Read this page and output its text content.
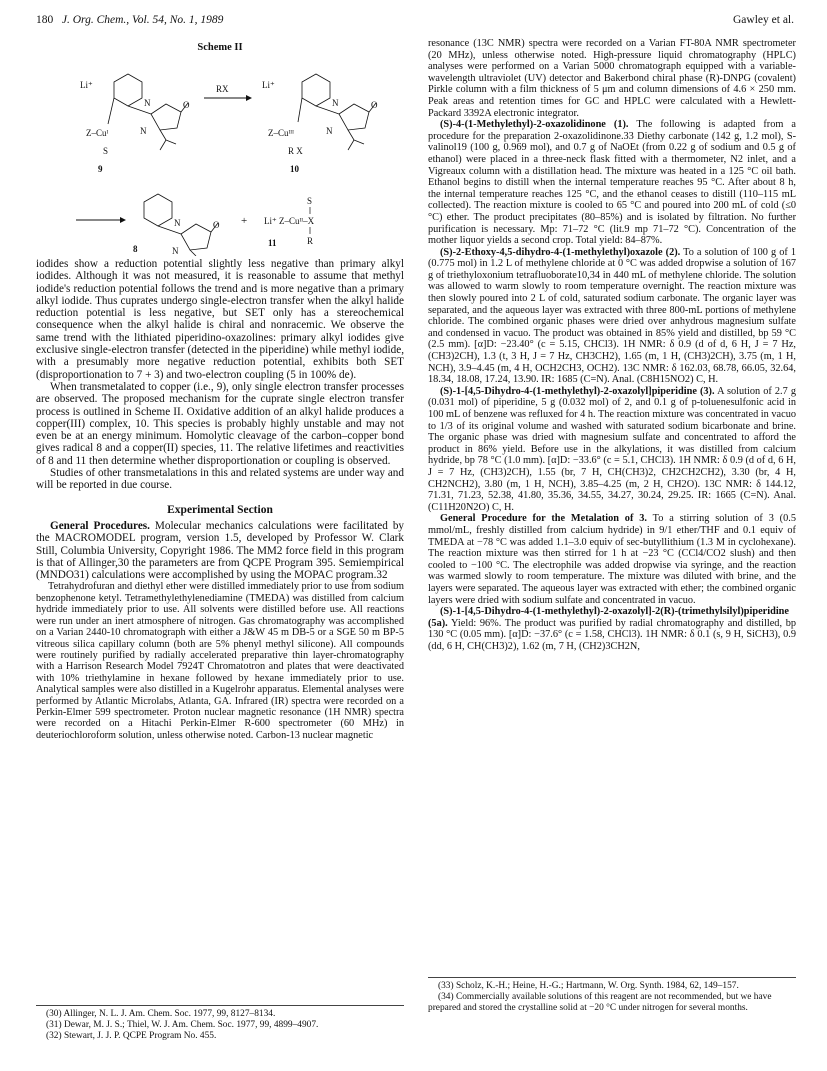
180 J. Org. Chem., Vol. 54, No. 1, 1989	Gawley et al.
Scheme II
Li⁺
N	O
N
Z–Cuᴵ
S
9
RX	Li⁺
N	O
N
Z–Cuᴵᴵᴵ
R X
10
N	O
N
8
+
S
Li⁺ Z–Cuᴵᴵ–X
R
11

iodides show a reduction potential slightly less negative than primary alkyl iodides. Although it was not measured, it is reasonable to assume that methyl iodide's reduction potential follows the trend and is more negative than a primary alkyl iodide. Thus cuprates undergo single-electron transfer when the alkyl halide reduction potential is less negative, but SET only has a stereochemical consequence when the alkyl halide is chiral and nonracemic. We observe the same trend with the lithiated piperidino-oxazolines: primary alkyl iodides give exclusive single-electron transfer (detected in the piperidine) while methyl iodide, with a presumably more negative reduction potential, exhibits both SET (disproportionation to 7 + 3) and two-electron coupling (5 in 100% de).

When transmetalated to copper (i.e., 9), only single electron transfer processes are observed. The proposed mechanism for the cuprate single electron transfer process is outlined in Scheme II. Oxidative addition of an alkyl halide produces a copper(III) complex, 10. This species is probably highly unstable and may not even be at an energy minimum. Homolytic cleavage of the carbon–copper bond gives radical 8 and a copper(II) species, 11. The relative lifetimes and reactivities of 8 and 11 then determine whether disproportionation or coupling is observed.

Studies of other transmetalations in this and related systems are under way and will be reported in due course.

Experimental Section

General Procedures. Molecular mechanics calculations were facilitated by the MACROMODEL program, version 1.5, developed by Professor W. Clark Still, Columbia University, Copyright 1986. The MM2 force field in this program is that of Allinger,30 the parameters are from QCPE Program 395. Semiempirical (MNDO31) calculations were accomplished by using the MOPAC program.32

Tetrahydrofuran and diethyl ether were distilled immediately prior to use from sodium benzophenone ketyl. Tetramethylethylenediamine (TMEDA) was distilled from calcium hydride immediately prior to use. All solvents were distilled before use. All reactions were run under an inert atmosphere of nitrogen. Gas chromatography was accomplished on a Varian 2440-10 chromatograph with either a J&W 45 m DB-5 or a SGE 50 m BP-5 vitreous silica capillary column (both are 5% phenyl methyl silicone). All compounds were routinely purified by radially accelerated preparative thin layer-chromatography with a Harrison Research Model 7924T Chromatotron and plates that were deactivated with 10% triethylamine in hexane followed by hexane immediately prior to use. Analytical samples were also distilled in a Kugelrohr apparatus. Elemental analyses were performed by Atlantic Microlabs, Atlanta, GA. Infrared (IR) spectra were recorded on a Perkin-Elmer 599 spectrometer. Proton nuclear magnetic resonance (1H NMR) spectra were recorded on a Hitachi Perkin-Elmer R-600 spectrometer (60 MHz) in deuteriochloroform solution, unless otherwise noted. Carbon-13 nuclear magnetic

resonance (13C NMR) spectra were recorded on a Varian FT-80A NMR spectrometer (20 MHz), unless otherwise noted. High-pressure liquid chromatography (HPLC) analyses were performed on a Varian 5000 chromatograph equipped with a variable-wavelength ultraviolet (UV) detector and Bakerbond chiral phase (R)-DNPG (covalent) Pirkle column with a film thickness of 5 μm and column dimensions of 4.6 × 250 mm. Peak areas and retention times for GC and HPLC were calculated with a Hewlett-Packard 3392A electronic integrator.

(S)-4-(1-Methylethyl)-2-oxazolidinone (1). The following is adapted from a procedure for the preparation 2-oxazolidinone.33 Diethy carbonate (142 g, 1.2 mol), S-valinol19 (100 g, 0.969 mol), and 0.7 g of NaOEt (from 0.22 g of sodium and 0.5 g of ethanol) were placed in a three-neck flask fitted with a thermometer, N2 inlet, and a Vigreaux column with a distillation head. The mixture was heated in a 125 °C oil bath. Ethanol begins to distill when the internal temperature reaches 95 °C. After about 8 h, the internal temperature reaches 125 °C, and the ethanol ceases to distill (110–115 mL collected). The reaction mixture is cooled to 65 °C and poured into 200 mL of cold (≤0 °C) ether. The product precipitates (80–85%) and is isolated by filtration. No further purification is necessary. Mp: 71–72 °C (lit.9 mp 71–72 °C). Concentration of the mother liquor yields a second crop. Total yield: 84–87%.

(S)-2-Ethoxy-4,5-dihydro-4-(1-methylethyl)oxazole (2). To a solution of 100 g of 1 (0.775 mol) in 1.2 L of methylene chloride at 0 °C was added dropwise a solution of 167 g of triethyloxonium tetrafluoborate10,34 in 440 mL of methylene chloride. The solution was allowed to warm slowly to room temperature overnight. The reaction mixture was then slowly poured into 2 L of cold, saturated sodium carbonate. The organic layer was separated, and the aqueous layer was extracted with three 800-mL portions of methylene chloride. The combined organic phases were dried over anhydrous magnesium sulfate and condensed in vacuo. The product was obtained in 85% yield and distilled, bp 59 °C (2.5 mm). [α]D: −23.40° (c = 5.15, CHCl3). 1H NMR: δ 0.9 (d of d, 6 H, J = 7 Hz, (CH3)2CH), 1.3 (t, 3 H, J = 7 Hz, CH3CH2), 1.65 (m, 1 H, (CH3)2CH), 3.75 (m, 1 H, NCH), 3.9–4.45 (m, 4 H, OCH2CH3, OCH2). 13C NMR: δ 162.03, 68.78, 66.05, 32.64, 18.34, 18.08, 17.24, 13.90. IR: 1685 (C=N). Anal. (C8H15NO2) C, H.

(S)-1-[4,5-Dihydro-4-(1-methylethyl)-2-oxazolyl]piperidine (3). A solution of 2.7 g (0.031 mol) of piperidine, 5 g (0.032 mol) of 2, and 0.1 g of p-toluenesulfonic acid in 100 mL of benzene was refluxed for 4 h. The reaction mixture was concentrated in vacuo to 1/3 of its original volume and washed with saturated sodium bicarbonate and brine. The organic phase was dried with magnesium sulfate and concentrated to afford the product in 86% yield. Before use in the alkylations, it was distilled from calcium hydride, bp 78 °C (1.0 mm). [α]D: −33.6° (c = 5.1, CHCl3). 1H NMR: δ 0.9 (d of d, 6 H, J = 7 Hz, (CH3)2CH), 1.55 (br, 7 H, CH(CH3)2, CH2CH2CH2), 3.30 (br, 4 H, CH2NCH2), 3.80 (m, 1 H, NCH), 3.85–4.25 (m, 2 H, CH2O). 13C NMR: δ 144.12, 71.31, 71.23, 52.38, 41.80, 35.36, 34.55, 34.27, 30.24, 29.25. IR: 1665 (C=N). Anal. (C11H20N2O) C, H.

General Procedure for the Metalation of 3. To a stirring solution of 3 (0.5 mmol/mL, freshly distilled from calcium hydride) in 9/1 ether/THF and 0.1 equiv of TMEDA at −78 °C was added 1.1–3.0 equiv of sec-butyllithium (1.3 M in cyclohexane). The reaction mixture was then stirred for 1 h at −23 °C (CCl4/CO2 slush) and then cooled to −100 °C. The electrophile was added dropwise via syringe, and the reaction was warmed slowly to room temperature. The mixture was diluted with brine, and the layers were separated. The aqueous layer was extracted with ether; the combined organic layers were dried with sodium sulfate and concentrated in vacuo.

(S)-1-[4,5-Dihydro-4-(1-methylethyl)-2-oxazolyl]-2(R)-(trimethylsilyl)piperidine (5a). Yield: 96%. The product was purified by radial chromatography and distilled, bp 130 °C (0.05 mm). [α]D: −37.6° (c = 1.58, CHCl3). 1H NMR: δ 0.1 (s, 9 H, SiCH3), 0.9 (dd, 6 H, CH(CH3)2), 1.62 (m, 7 H, (CH2)3CH2N,

(30) Allinger, N. L. J. Am. Chem. Soc. 1977, 99, 8127–8134.

(31) Dewar, M. J. S.; Thiel, W. J. Am. Chem. Soc. 1977, 99, 4899–4907.

(32) Stewart, J. J. P. QCPE Program No. 455.

(33) Scholz, K.-H.; Heine, H.-G.; Hartmann, W. Org. Synth. 1984, 62, 149–157.

(34) Commercially available solutions of this reagent are not recommended, but we have prepared and stored the crystalline solid at −20 °C under nitrogen for several months.
